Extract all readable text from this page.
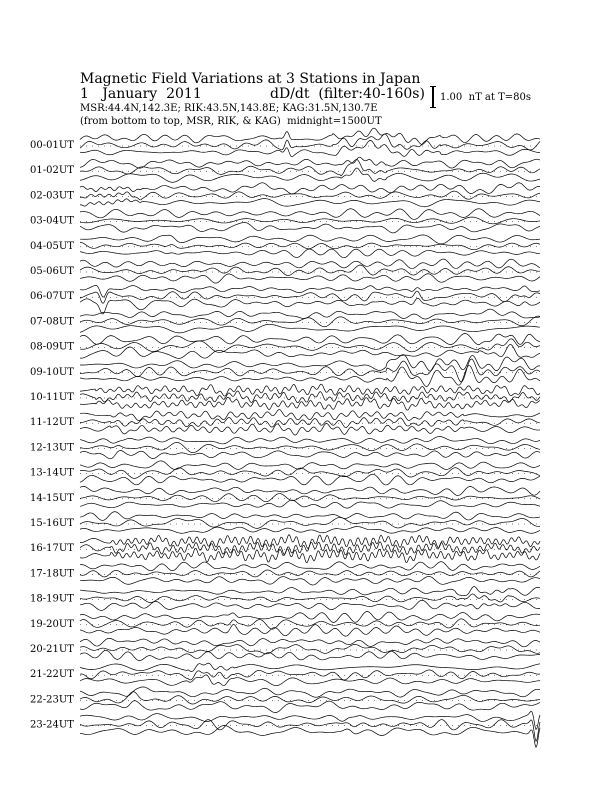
Magnetic Field Variations at 3 Stations in Japan
1   January  2011	dD/dt  (filter:40-160s)
MSR:44.4N,142.3E; RIK:43.5N,143.8E; KAG:31.5N,130.7E
(from bottom to top, MSR, RIK, & KAG)  midnight=1500UT
1.00  nT at T=80s
00-01UT
01-02UT
02-03UT
03-04UT
04-05UT
05-06UT
06-07UT
07-08UT
08-09UT
09-10UT
10-11UT
11-12UT
12-13UT
13-14UT
14-15UT
15-16UT
16-17UT
17-18UT
18-19UT
19-20UT
20-21UT
21-22UT
22-23UT
23-24UT
